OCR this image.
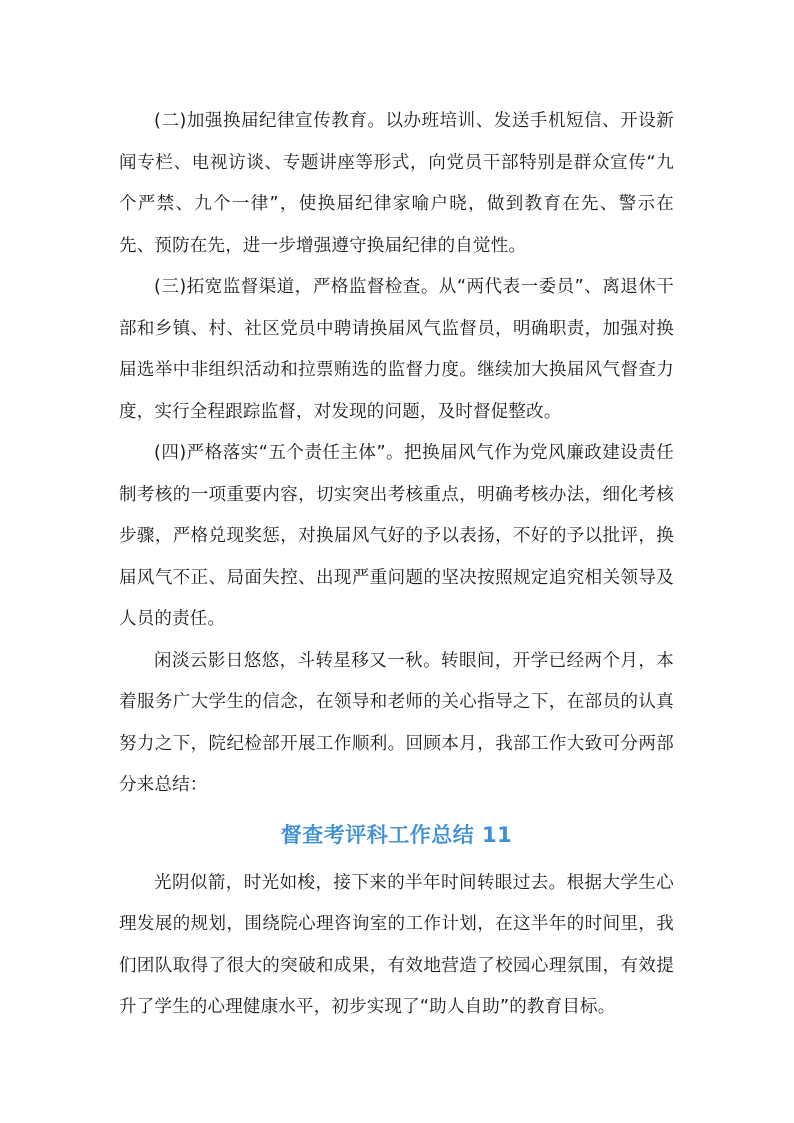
(二)加强换届纪律宣传教育。以办班培训、发送手机短信、开设新闻专栏、电视访谈、专题讲座等形式，向党员干部特别是群众宣传“九个严禁、九个一律”，使换届纪律家喻户晓，做到教育在先、警示在先、预防在先，进一步增强遵守换届纪律的自觉性。

(三)拓宽监督渠道，严格监督检查。从“两代表一委员”、离退休干部和乡镇、村、社区党员中聘请换届风气监督员，明确职责，加强对换届选举中非组织活动和拉票贿选的监督力度。继续加大换届风气督查力度，实行全程跟踪监督，对发现的问题，及时督促整改。

(四)严格落实“五个责任主体”。把换届风气作为党风廉政建设责任制考核的一项重要内容，切实突出考核重点，明确考核办法，细化考核步骤，严格兑现奖惩，对换届风气好的予以表扬，不好的予以批评，换届风气不正、局面失控、出现严重问题的坚决按照规定追究相关领导及人员的责任。

闲淡云影日悠悠，斗转星移又一秋。转眼间，开学已经两个月，本着服务广大学生的信念，在领导和老师的关心指导之下，在部员的认真努力之下，院纪检部开展工作顺利。回顾本月，我部工作大致可分两部分来总结：

督查考评科工作总结 11

光阴似箭，时光如梭，接下来的半年时间转眼过去。根据大学生心理发展的规划，围绕院心理咨询室的工作计划，在这半年的时间里，我们团队取得了很大的突破和成果，有效地营造了校园心理氛围，有效提升了学生的心理健康水平，初步实现了“助人自助”的教育目标。
